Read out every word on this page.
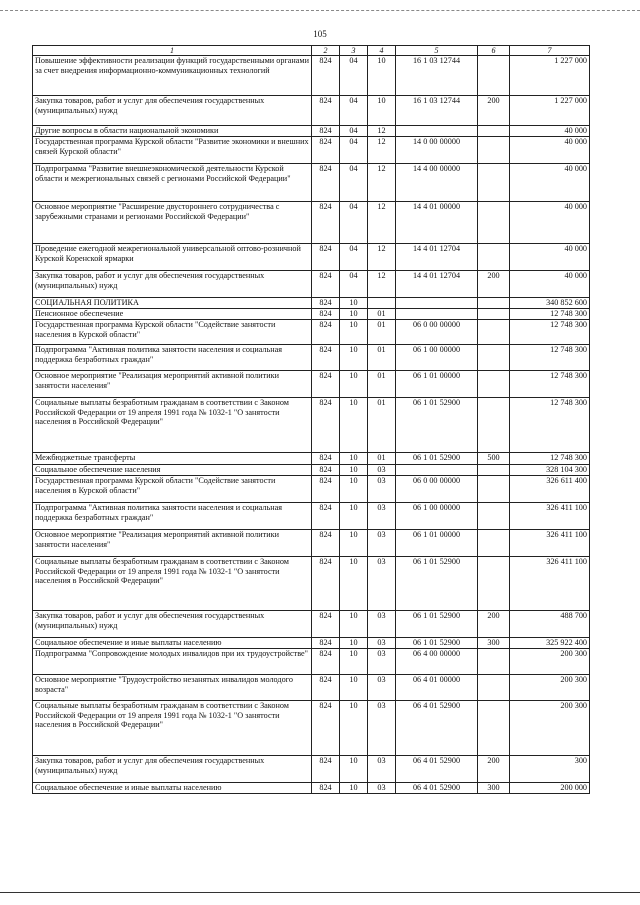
105
1	2	3	4	5	6	7
Повышение эффективности реализации функций государственными органами за счет внедрения информационно-коммуникационных технологий	824	04	10	16 1 03 12744		1 227 000
Закупка товаров, работ и услуг для обеспечения государственных (муниципальных) нужд	824	04	10	16 1 03 12744	200	1 227 000
Другие вопросы в области национальной экономики	824	04	12			40 000
Государственная программа Курской области "Развитие экономики и внешних связей Курской области"	824	04	12	14 0 00 00000		40 000
Подпрограмма "Развитие внешнеэкономической деятельности Курской области и межрегиональных связей с регионами Российской Федерации"	824	04	12	14 4 00 00000		40 000
Основное мероприятие "Расширение двустороннего сотрудничества с зарубежными странами и регионами Российской Федерации"	824	04	12	14 4 01 00000		40 000
Проведение ежегодной межрегиональной универсальной оптово-розничной Курской Коренской ярмарки	824	04	12	14 4 01 12704		40 000
Закупка товаров, работ и услуг для обеспечения государственных (муниципальных) нужд	824	04	12	14 4 01 12704	200	40 000
СОЦИАЛЬНАЯ ПОЛИТИКА	824	10				340 852 600
Пенсионное обеспечение	824	10	01			12 748 300
Государственная программа Курской области "Содействие занятости населения в Курской области"	824	10	01	06 0 00 00000		12 748 300
Подпрограмма "Активная политика занятости населения и социальная поддержка безработных граждан"	824	10	01	06 1 00 00000		12 748 300
Основное мероприятие "Реализация мероприятий активной политики занятости населения"	824	10	01	06 1 01 00000		12 748 300
Социальные выплаты безработным гражданам в соответствии с Законом Российской Федерации от 19 апреля 1991 года № 1032-1 "О занятости населения в Российской Федерации"	824	10	01	06 1 01 52900		12 748 300
Межбюджетные трансферты	824	10	01	06 1 01 52900	500	12 748 300
Социальное обеспечение населения	824	10	03			328 104 300
Государственная программа Курской области "Содействие занятости населения в Курской области"	824	10	03	06 0 00 00000		326 611 400
Подпрограмма "Активная политика занятости населения и социальная поддержка безработных граждан"	824	10	03	06 1 00 00000		326 411 100
Основное мероприятие "Реализация мероприятий активной политики занятости населения"	824	10	03	06 1 01 00000		326 411 100
Социальные выплаты безработным гражданам в соответствии с Законом Российской Федерации от 19 апреля 1991 года № 1032-1 "О занятости населения в Российской Федерации"	824	10	03	06 1 01 52900		326 411 100
Закупка товаров, работ и услуг для обеспечения государственных (муниципальных) нужд	824	10	03	06 1 01 52900	200	488 700
Социальное обеспечение и иные выплаты населению	824	10	03	06 1 01 52900	300	325 922 400
Подпрограмма "Сопровождение молодых инвалидов при их трудоустройстве"	824	10	03	06 4 00 00000		200 300
Основное мероприятие "Трудоустройство незанятых инвалидов молодого возраста"	824	10	03	06 4 01 00000		200 300
Социальные выплаты безработным гражданам в соответствии с Законом Российской Федерации от 19 апреля 1991 года № 1032-1 "О занятости населения в Российской Федерации"	824	10	03	06 4 01 52900		200 300
Закупка товаров, работ и услуг для обеспечения государственных (муниципальных) нужд	824	10	03	06 4 01 52900	200	300
Социальное обеспечение и иные выплаты населению	824	10	03	06 4 01 52900	300	200 000
